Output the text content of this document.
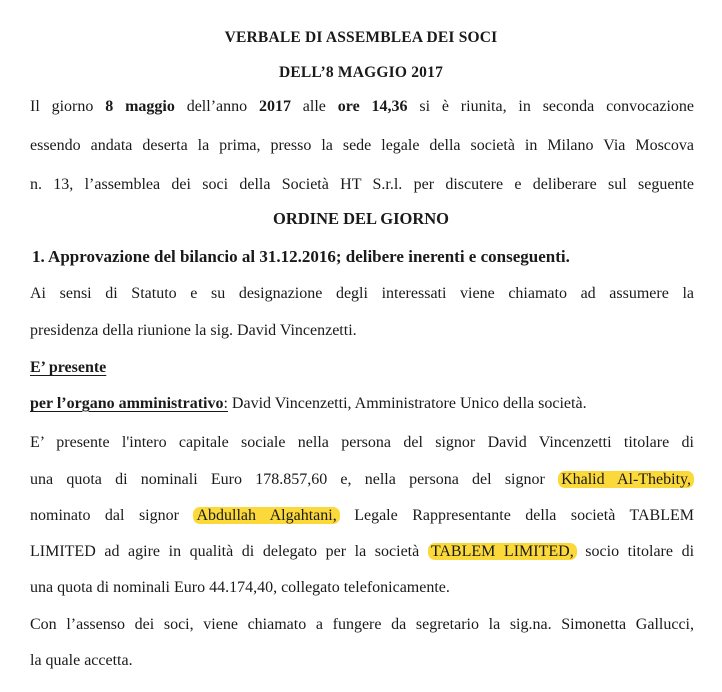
VERBALE DI ASSEMBLEA DEI SOCI
DELL’8 MAGGIO 2017
Il giorno 8 maggio dell’anno 2017 alle ore 14,36 si è riunita, in seconda convocazione
essendo andata deserta la prima, presso la sede legale della società in Milano Via Moscova
n. 13, l’assemblea dei soci della Società HT S.r.l. per discutere e deliberare sul seguente
ORDINE DEL GIORNO
1. Approvazione del bilancio al 31.12.2016; delibere inerenti e conseguenti.
Ai sensi di Statuto e su designazione degli interessati viene chiamato ad assumere la
presidenza della riunione la sig. David Vincenzetti.
E’ presente
per l’organo amministrativo: David Vincenzetti, Amministratore Unico della società.
E’ presente l'intero capitale sociale nella persona del signor David Vincenzetti titolare di
una quota di nominali Euro 178.857,60 e, nella persona del signor Khalid Al-Thebity,
nominato dal signor Abdullah Algahtani, Legale Rappresentante della società TABLEM
LIMITED ad agire in qualità di delegato per la società TABLEM LIMITED, socio titolare di
una quota di nominali Euro 44.174,40, collegato telefonicamente.
Con l’assenso dei soci, viene chiamato a fungere da segretario la sig.na. Simonetta Gallucci,
la quale accetta.
